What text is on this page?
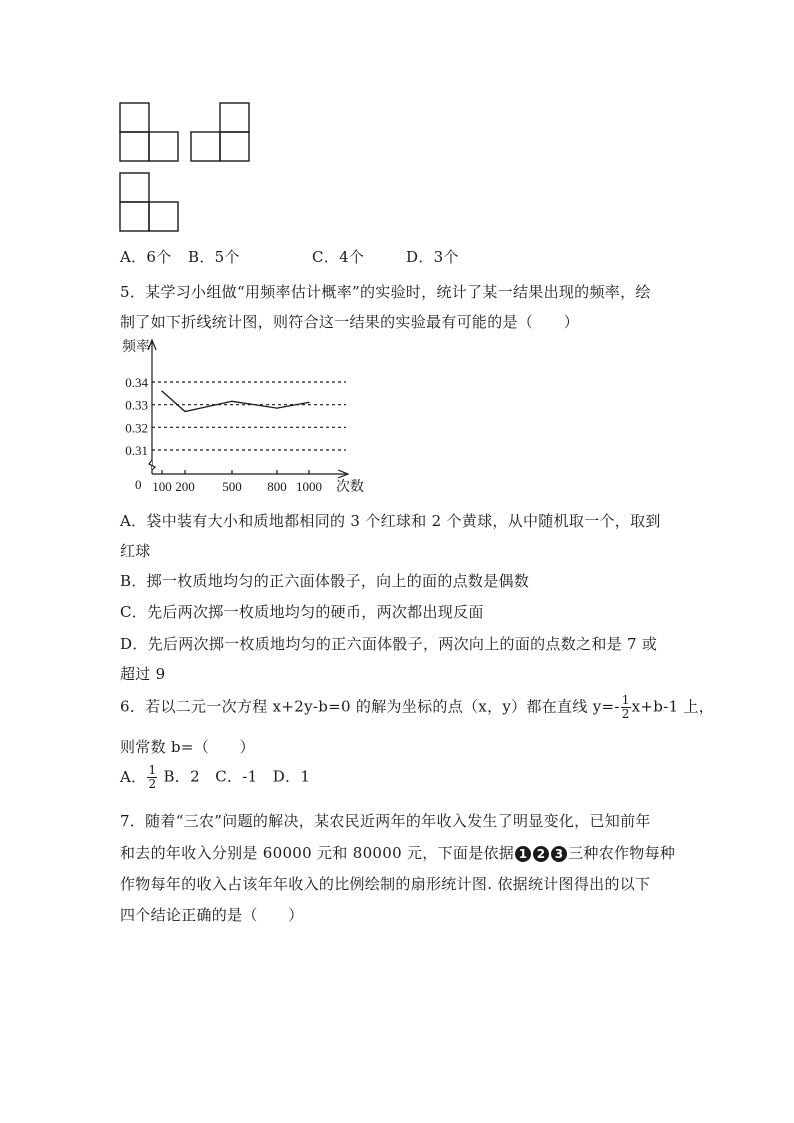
A．6个 B．5个	C．4个	D．3个
5．某学习小组做“用频率估计概率”的实验时，统计了某一结果出现的频率，绘
制了如下折线统计图，则符合这一结果的实验最有可能的是（　　）
0.31
0.32
0.33
0.34
100 200 500 800 1000
频率
次数
0
A．袋中装有大小和质地都相同的 3 个红球和 2 个黄球，从中随机取一个，取到
红球
B．掷一枚质地均匀的正六面体骰子，向上的面的点数是偶数
C．先后两次掷一枚质地均匀的硬币，两次都出现反面
D．先后两次掷一枚质地均匀的正六面体骰子，两次向上的面的点数之和是 7 或
超过 9
6．若以二元一次方程 x+2y-b=0 的解为坐标的点（x，y）都在直线 $y=- \frac{1}{2} x+b-1$ 上，
则常数 b=（　　）
A． $\frac{1}{2}$ B．2　C．-1　D．1
7．随着“三农”问题的解决，某农民近两年的年收入发生了明显变化，已知前年
和去的年收入分别是 60000 元和 80000 元，下面是依据 1 2 3 三种农作物每种
作物每年的收入占该年年收入的比例绘制的扇形统计图. 依据统计图得出的以下
四个结论正确的是（　　）
